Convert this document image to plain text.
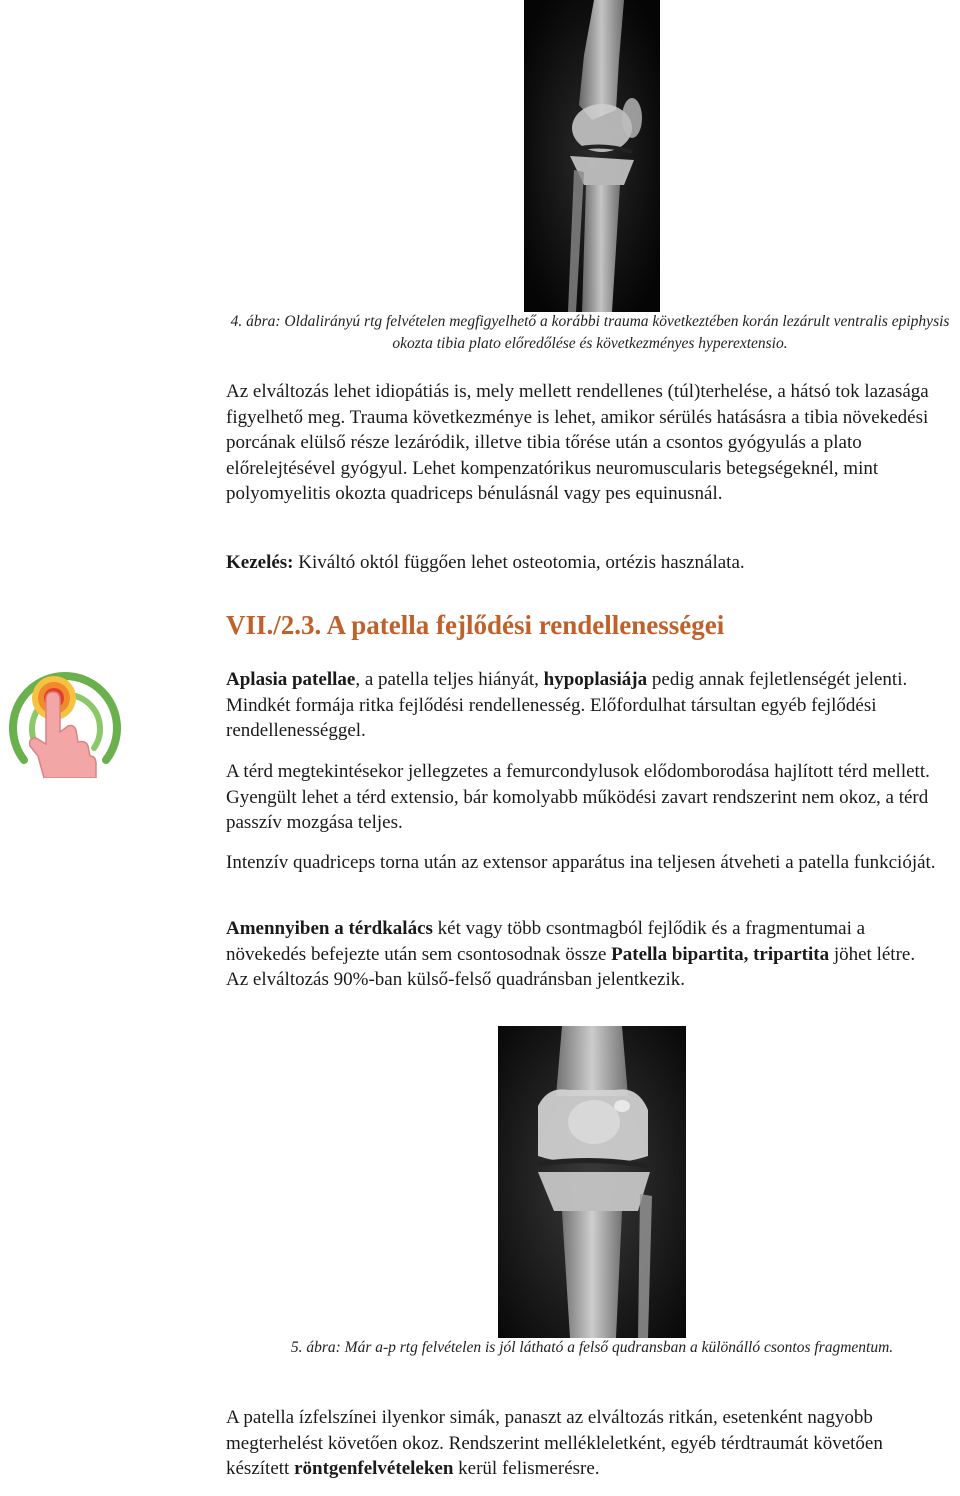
4. ábra: Oldalirányú rtg felvételen megfigyelhető a korábbi trauma következtében korán lezárult ventralis epiphysis okozta tibia plato előredőlése és következményes hyperextensio.
Az elváltozás lehet idiopátiás is, mely mellett rendellenes (túl)terhelése, a hátsó tok lazasága figyelhető meg. Trauma következménye is lehet, amikor sérülés hatásásra a tibia növekedési porcának elülső része lezáródik, illetve tibia tőrése után a csontos gyógyulás a plato előrelejtésével gyógyul. Lehet kompenzatórikus neuromuscularis betegségeknél, mint polyomyelitis okozta quadriceps bénulásnál vagy pes equinusnál.
Kezelés: Kiváltó októl függően lehet osteotomia, ortézis használata.
VII./2.3. A patella fejlődési rendellenességei
Aplasia patellae, a patella teljes hiányát, hypoplasiája pedig annak fejletlenségét jelenti. Mindkét formája ritka fejlődési rendellenesség. Előfordulhat társultan egyéb fejlődési rendellenességgel.
A térd megtekintésekor jellegzetes a femurcondylusok elődomborodása hajlított térd mellett. Gyengült lehet a térd extensio, bár komolyabb működési zavart rendszerint nem okoz, a térd passzív mozgása teljes.
Intenzív quadriceps torna után az extensor apparátus ina teljesen átveheti a patella funkcióját.
Amennyiben a térdkalács két vagy több csontmagból fejlődik és a fragmentumai a növekedés befejezte után sem csontosodnak össze Patella bipartita, tripartita jöhet létre. Az elváltozás 90%-ban külső-felső quadránsban jelentkezik.
5. ábra: Már a-p rtg felvételen is jól látható a felső qudransban a különálló csontos fragmentum.
A patella ízfelszínei ilyenkor simák, panaszt az elváltozás ritkán, esetenként nagyobb megterhelést követően okoz. Rendszerint mellékleletként, egyéb térdtraumát követően készített röntgenfelvételeken kerül felismerésre.
